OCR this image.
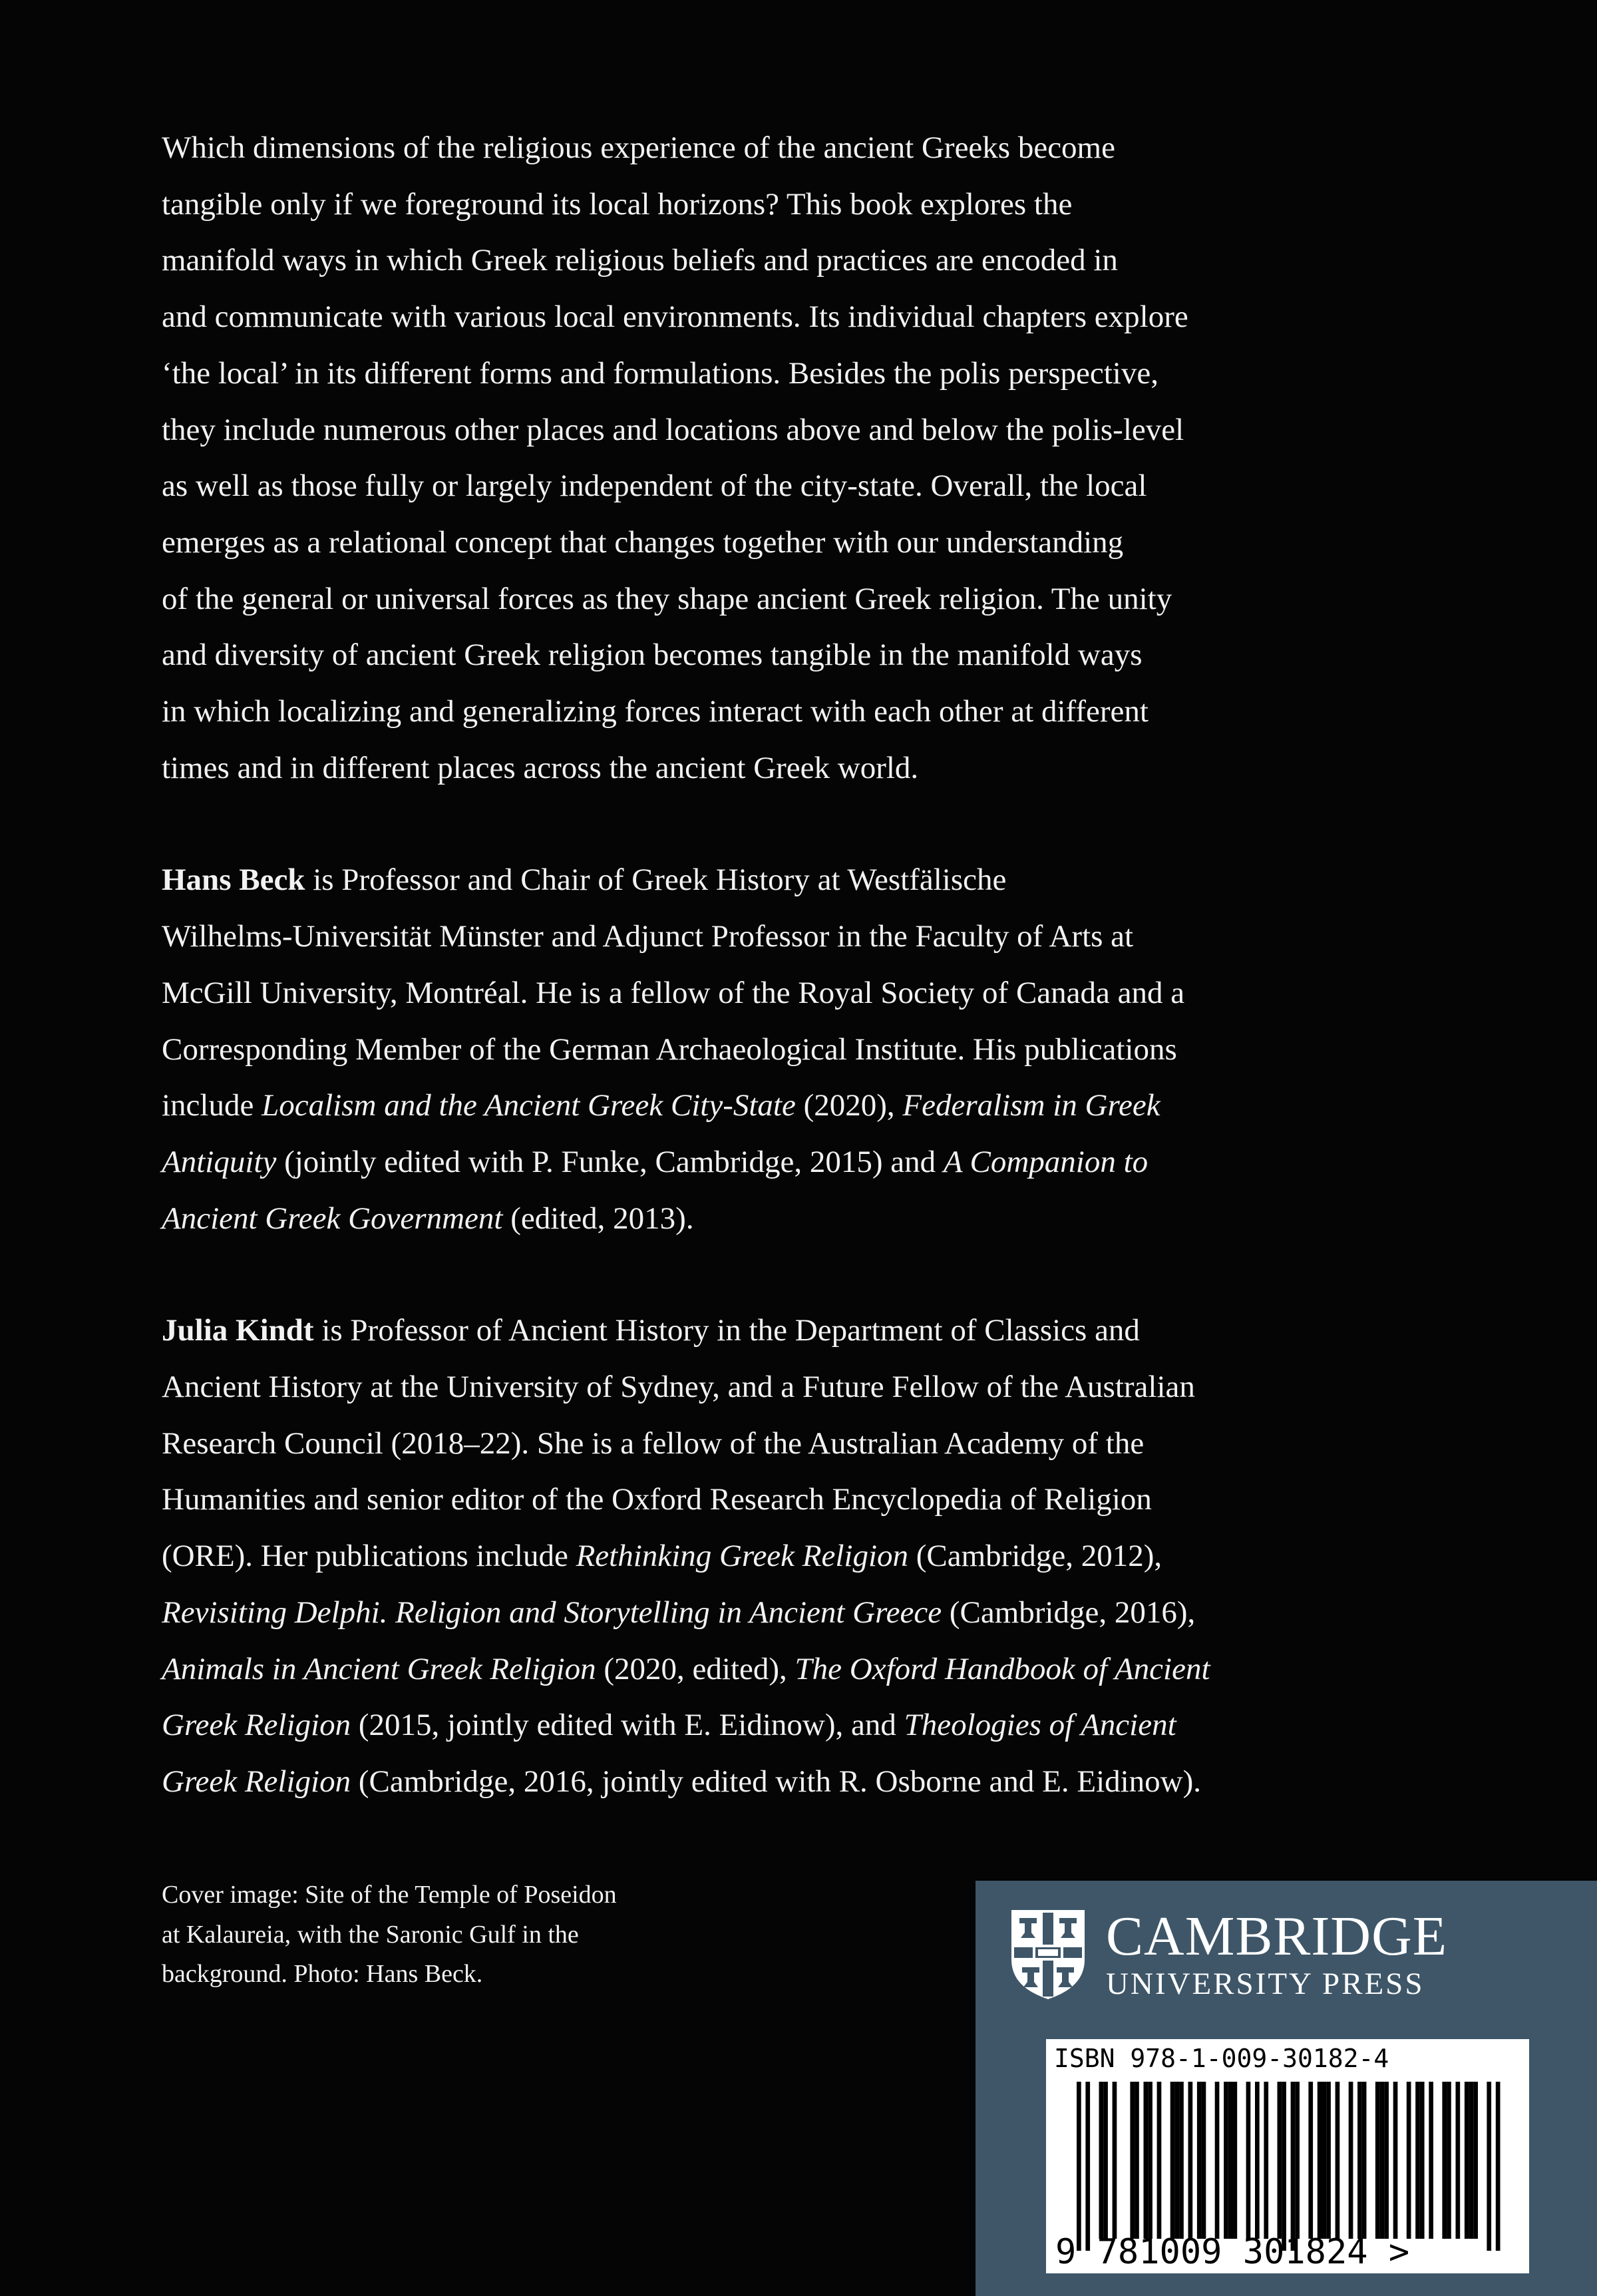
Which dimensions of the religious experience of the ancient Greeks become
tangible only if we foreground its local horizons? This book explores the
manifold ways in which Greek religious beliefs and practices are encoded in
and communicate with various local environments. Its individual chapters explore
‘the local’ in its different forms and formulations. Besides the polis perspective,
they include numerous other places and locations above and below the polis-level
as well as those fully or largely independent of the city-state. Overall, the local
emerges as a relational concept that changes together with our understanding
of the general or universal forces as they shape ancient Greek religion. The unity
and diversity of ancient Greek religion becomes tangible in the manifold ways
in which localizing and generalizing forces interact with each other at different
times and in different places across the ancient Greek world.
Hans Beck is Professor and Chair of Greek History at Westfälische
Wilhelms-Universität Münster and Adjunct Professor in the Faculty of Arts at
McGill University, Montréal. He is a fellow of the Royal Society of Canada and a
Corresponding Member of the German Archaeological Institute. His publications
include Localism and the Ancient Greek City-State (2020), Federalism in Greek
Antiquity (jointly edited with P. Funke, Cambridge, 2015) and A Companion to
Ancient Greek Government (edited, 2013).
Julia Kindt is Professor of Ancient History in the Department of Classics and
Ancient History at the University of Sydney, and a Future Fellow of the Australian
Research Council (2018–22). She is a fellow of the Australian Academy of the
Humanities and senior editor of the Oxford Research Encyclopedia of Religion
(ORE). Her publications include Rethinking Greek Religion (Cambridge, 2012),
Revisiting Delphi. Religion and Storytelling in Ancient Greece (Cambridge, 2016),
Animals in Ancient Greek Religion (2020, edited), The Oxford Handbook of Ancient
Greek Religion (2015, jointly edited with E. Eidinow), and Theologies of Ancient
Greek Religion (Cambridge, 2016, jointly edited with R. Osborne and E. Eidinow).
Cover image: Site of the Temple of Poseidon
at Kalaureia, with the Saronic Gulf in the
background. Photo: Hans Beck.
CAMBRIDGE
UNIVERSITY PRESS
ISBN 978-1-009-30182-4
9 781009 301824 >
